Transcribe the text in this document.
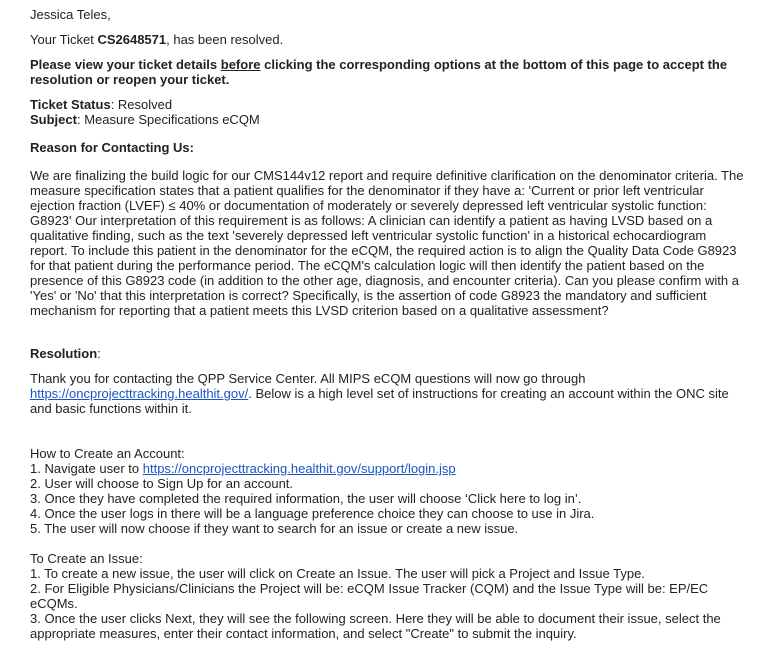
Jessica Teles,

Your Ticket CS2648571, has been resolved.

Please view your ticket details before clicking the corresponding options at the bottom of this page to accept the resolution or reopen your ticket.

Ticket Status: Resolved

Subject: Measure Specifications eCQM

Reason for Contacting Us:

We are finalizing the build logic for our CMS144v12 report and require definitive clarification on the denominator criteria. The measure specification states that a patient qualifies for the denominator if they have a: 'Current or prior left ventricular ejection fraction (LVEF) ≤ 40% or documentation of moderately or severely depressed left ventricular systolic function: G8923' Our interpretation of this requirement is as follows: A clinician can identify a patient as having LVSD based on a qualitative finding, such as the text 'severely depressed left ventricular systolic function' in a historical echocardiogram report. To include this patient in the denominator for the eCQM, the required action is to align the Quality Data Code G8923 for that patient during the performance period. The eCQM's calculation logic will then identify the patient based on the presence of this G8923 code (in addition to the other age, diagnosis, and encounter criteria). Can you please confirm with a 'Yes' or 'No' that this interpretation is correct? Specifically, is the assertion of code G8923 the mandatory and sufficient mechanism for reporting that a patient meets this LVSD criterion based on a qualitative assessment?

Resolution:

Thank you for contacting the QPP Service Center. All MIPS eCQM questions will now go through https://oncprojecttracking.healthit.gov/. Below is a high level set of instructions for creating an account within the ONC site and basic functions within it.

How to Create an Account:
1. Navigate user to https://oncprojecttracking.healthit.gov/support/login.jsp
2. User will choose to Sign Up for an account.
3. Once they have completed the required information, the user will choose ‘Click here to log in’.
4. Once the user logs in there will be a language preference choice they can choose to use in Jira.
5. The user will now choose if they want to search for an issue or create a new issue.
To Create an Issue:
1. To create a new issue, the user will click on Create an Issue. The user will pick a Project and Issue Type.
2. For Eligible Physicians/Clinicians the Project will be: eCQM Issue Tracker (CQM) and the Issue Type will be: EP/EC eCQMs.
3. Once the user clicks Next, they will see the following screen. Here they will be able to document their issue, select the appropriate measures, enter their contact information, and select "Create" to submit the inquiry.
